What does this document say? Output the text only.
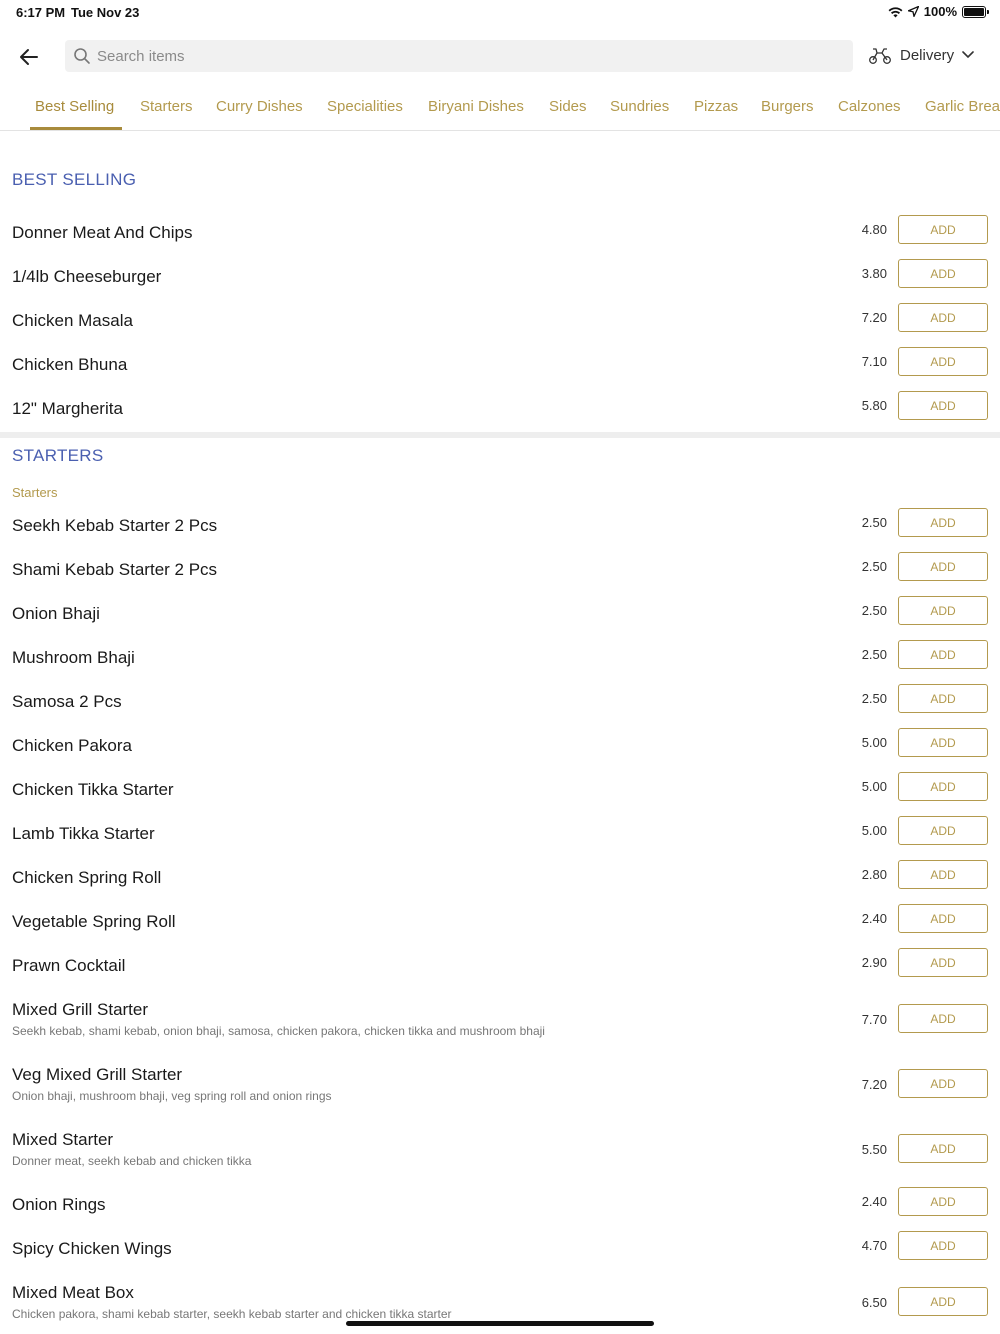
6:17 PM Tue Nov 23	100%
Search items
Delivery
Best Selling Starters Curry Dishes Specialities Biryani Dishes Sides Sundries Pizzas Burgers Calzones Garlic Brea
BEST SELLING
Donner Meat And Chips	4.80	ADD
1/4lb Cheeseburger	3.80	ADD
Chicken Masala	7.20	ADD
Chicken Bhuna	7.10	ADD
12" Margherita	5.80	ADD
STARTERS
Starters
Seekh Kebab Starter 2 Pcs	2.50	ADD
Shami Kebab Starter 2 Pcs	2.50	ADD
Onion Bhaji	2.50	ADD
Mushroom Bhaji	2.50	ADD
Samosa 2 Pcs	2.50	ADD
Chicken Pakora	5.00	ADD
Chicken Tikka Starter	5.00	ADD
Lamb Tikka Starter	5.00	ADD
Chicken Spring Roll	2.80	ADD
Vegetable Spring Roll	2.40	ADD
Prawn Cocktail	2.90	ADD
Mixed Grill Starter
Seekh kebab, shami kebab, onion bhaji, samosa, chicken pakora, chicken tikka and mushroom bhaji
7.70	ADD
Veg Mixed Grill Starter
Onion bhaji, mushroom bhaji, veg spring roll and onion rings
7.20	ADD
Mixed Starter
Donner meat, seekh kebab and chicken tikka
5.50	ADD
Onion Rings	2.40	ADD
Spicy Chicken Wings	4.70	ADD
Mixed Meat Box
Chicken pakora, shami kebab starter, seekh kebab starter and chicken tikka starter
6.50	ADD
